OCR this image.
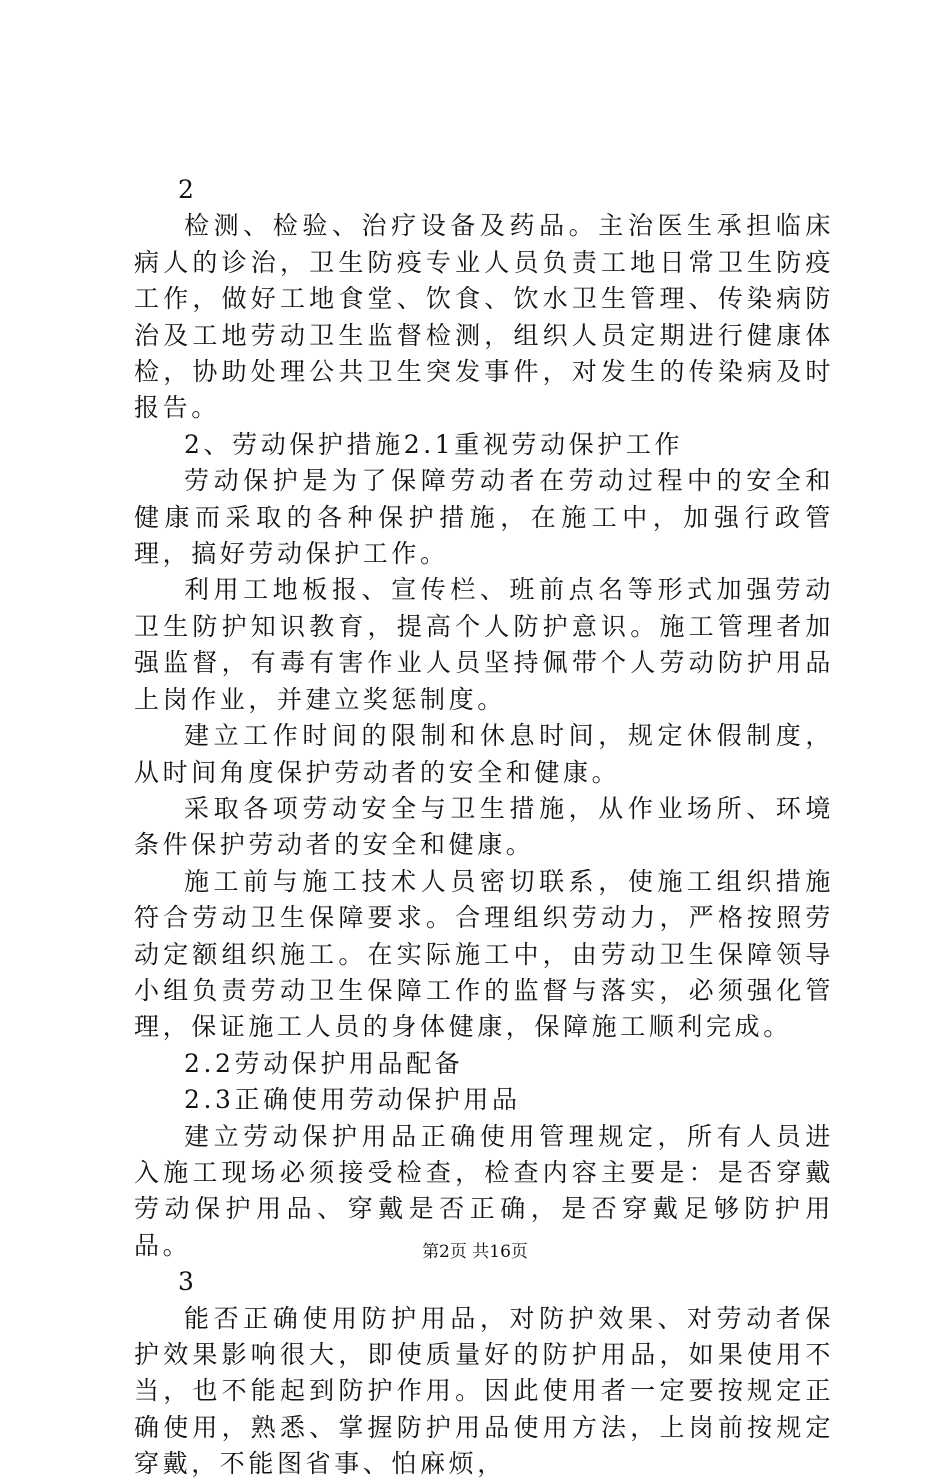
2

检测、检验、治疗设备及药品。主治医生承担临床病人的诊治，卫生防疫专业人员负责工地日常卫生防疫工作，做好工地食堂、饮食、饮水卫生管理、传染病防治及工地劳动卫生监督检测，组织人员定期进行健康体检，协助处理公共卫生突发事件，对发生的传染病及时报告。

2、劳动保护措施2.1重视劳动保护工作

劳动保护是为了保障劳动者在劳动过程中的安全和健康而采取的各种保护措施，在施工中，加强行政管理，搞好劳动保护工作。

利用工地板报、宣传栏、班前点名等形式加强劳动卫生防护知识教育，提高个人防护意识。施工管理者加强监督，有毒有害作业人员坚持佩带个人劳动防护用品上岗作业，并建立奖惩制度。

建立工作时间的限制和休息时间，规定休假制度，从时间角度保护劳动者的安全和健康。

采取各项劳动安全与卫生措施，从作业场所、环境条件保护劳动者的安全和健康。

施工前与施工技术人员密切联系，使施工组织措施符合劳动卫生保障要求。合理组织劳动力，严格按照劳动定额组织施工。在实际施工中，由劳动卫生保障领导小组负责劳动卫生保障工作的监督与落实，必须强化管理，保证施工人员的身体健康，保障施工顺利完成。

2.2劳动保护用品配备

2.3正确使用劳动保护用品

建立劳动保护用品正确使用管理规定，所有人员进入施工现场必须接受检查，检查内容主要是：是否穿戴劳动保护用品、穿戴是否正确，是否穿戴足够防护用品。

3

能否正确使用防护用品，对防护效果、对劳动者保护效果影响很大，即使质量好的防护用品，如果使用不当，也不能起到防护作用。因此使用者一定要按规定正确使用，熟悉、掌握防护用品使用方法，上岗前按规定穿戴，不能图省事、怕麻烦，

第2页 共16页
